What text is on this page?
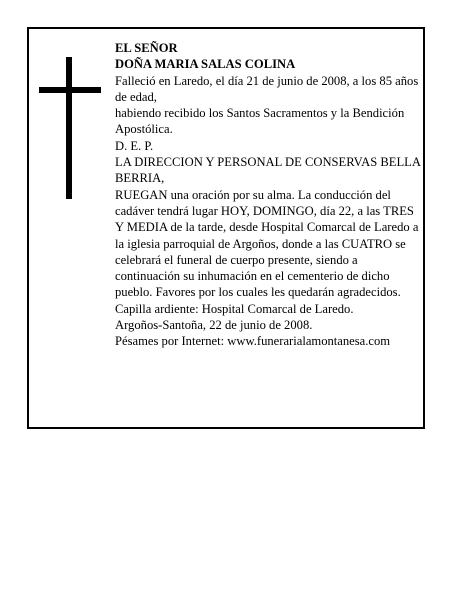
EL SEÑOR
DOÑA MARIA SALAS COLINA
Falleció en Laredo, el día 21 de junio de 2008, a los 85 años de edad,
habiendo recibido los Santos Sacramentos y la Bendición Apostólica.
D. E. P.
LA DIRECCION Y PERSONAL DE CONSERVAS BELLA BERRIA,
RUEGAN una oración por su alma. La conducción del cadáver tendrá lugar HOY, DOMINGO, día 22, a las TRES Y MEDIA de la tarde, desde Hospital Comarcal de Laredo a la iglesia parroquial de Argoños, donde a las CUATRO se celebrará el funeral de cuerpo presente, siendo a continuación su inhumación en el cementerio de dicho pueblo. Favores por los cuales les quedarán agradecidos. Capilla ardiente: Hospital Comarcal de Laredo.
Argoños-Santoña, 22 de junio de 2008.
Pésames por Internet: www.funerarialamontanesa.com
